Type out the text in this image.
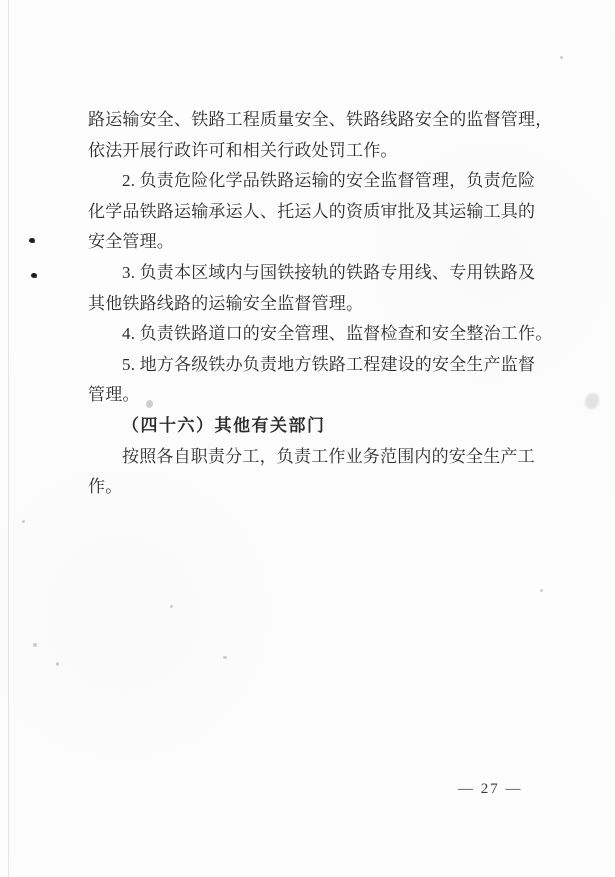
路运输安全、铁路工程质量安全、铁路线路安全的监督管理，
依法开展行政许可和相关行政处罚工作。
2. 负责危险化学品铁路运输的安全监督管理，负责危险
化学品铁路运输承运人、托运人的资质审批及其运输工具的
安全管理。
3. 负责本区域内与国铁接轨的铁路专用线、专用铁路及
其他铁路线路的运输安全监督管理。
4. 负责铁路道口的安全管理、监督检查和安全整治工作。
5. 地方各级铁办负责地方铁路工程建设的安全生产监督
管理。
（四十六）其他有关部门
按照各自职责分工，负责工作业务范围内的安全生产工
作。
— 27 —
